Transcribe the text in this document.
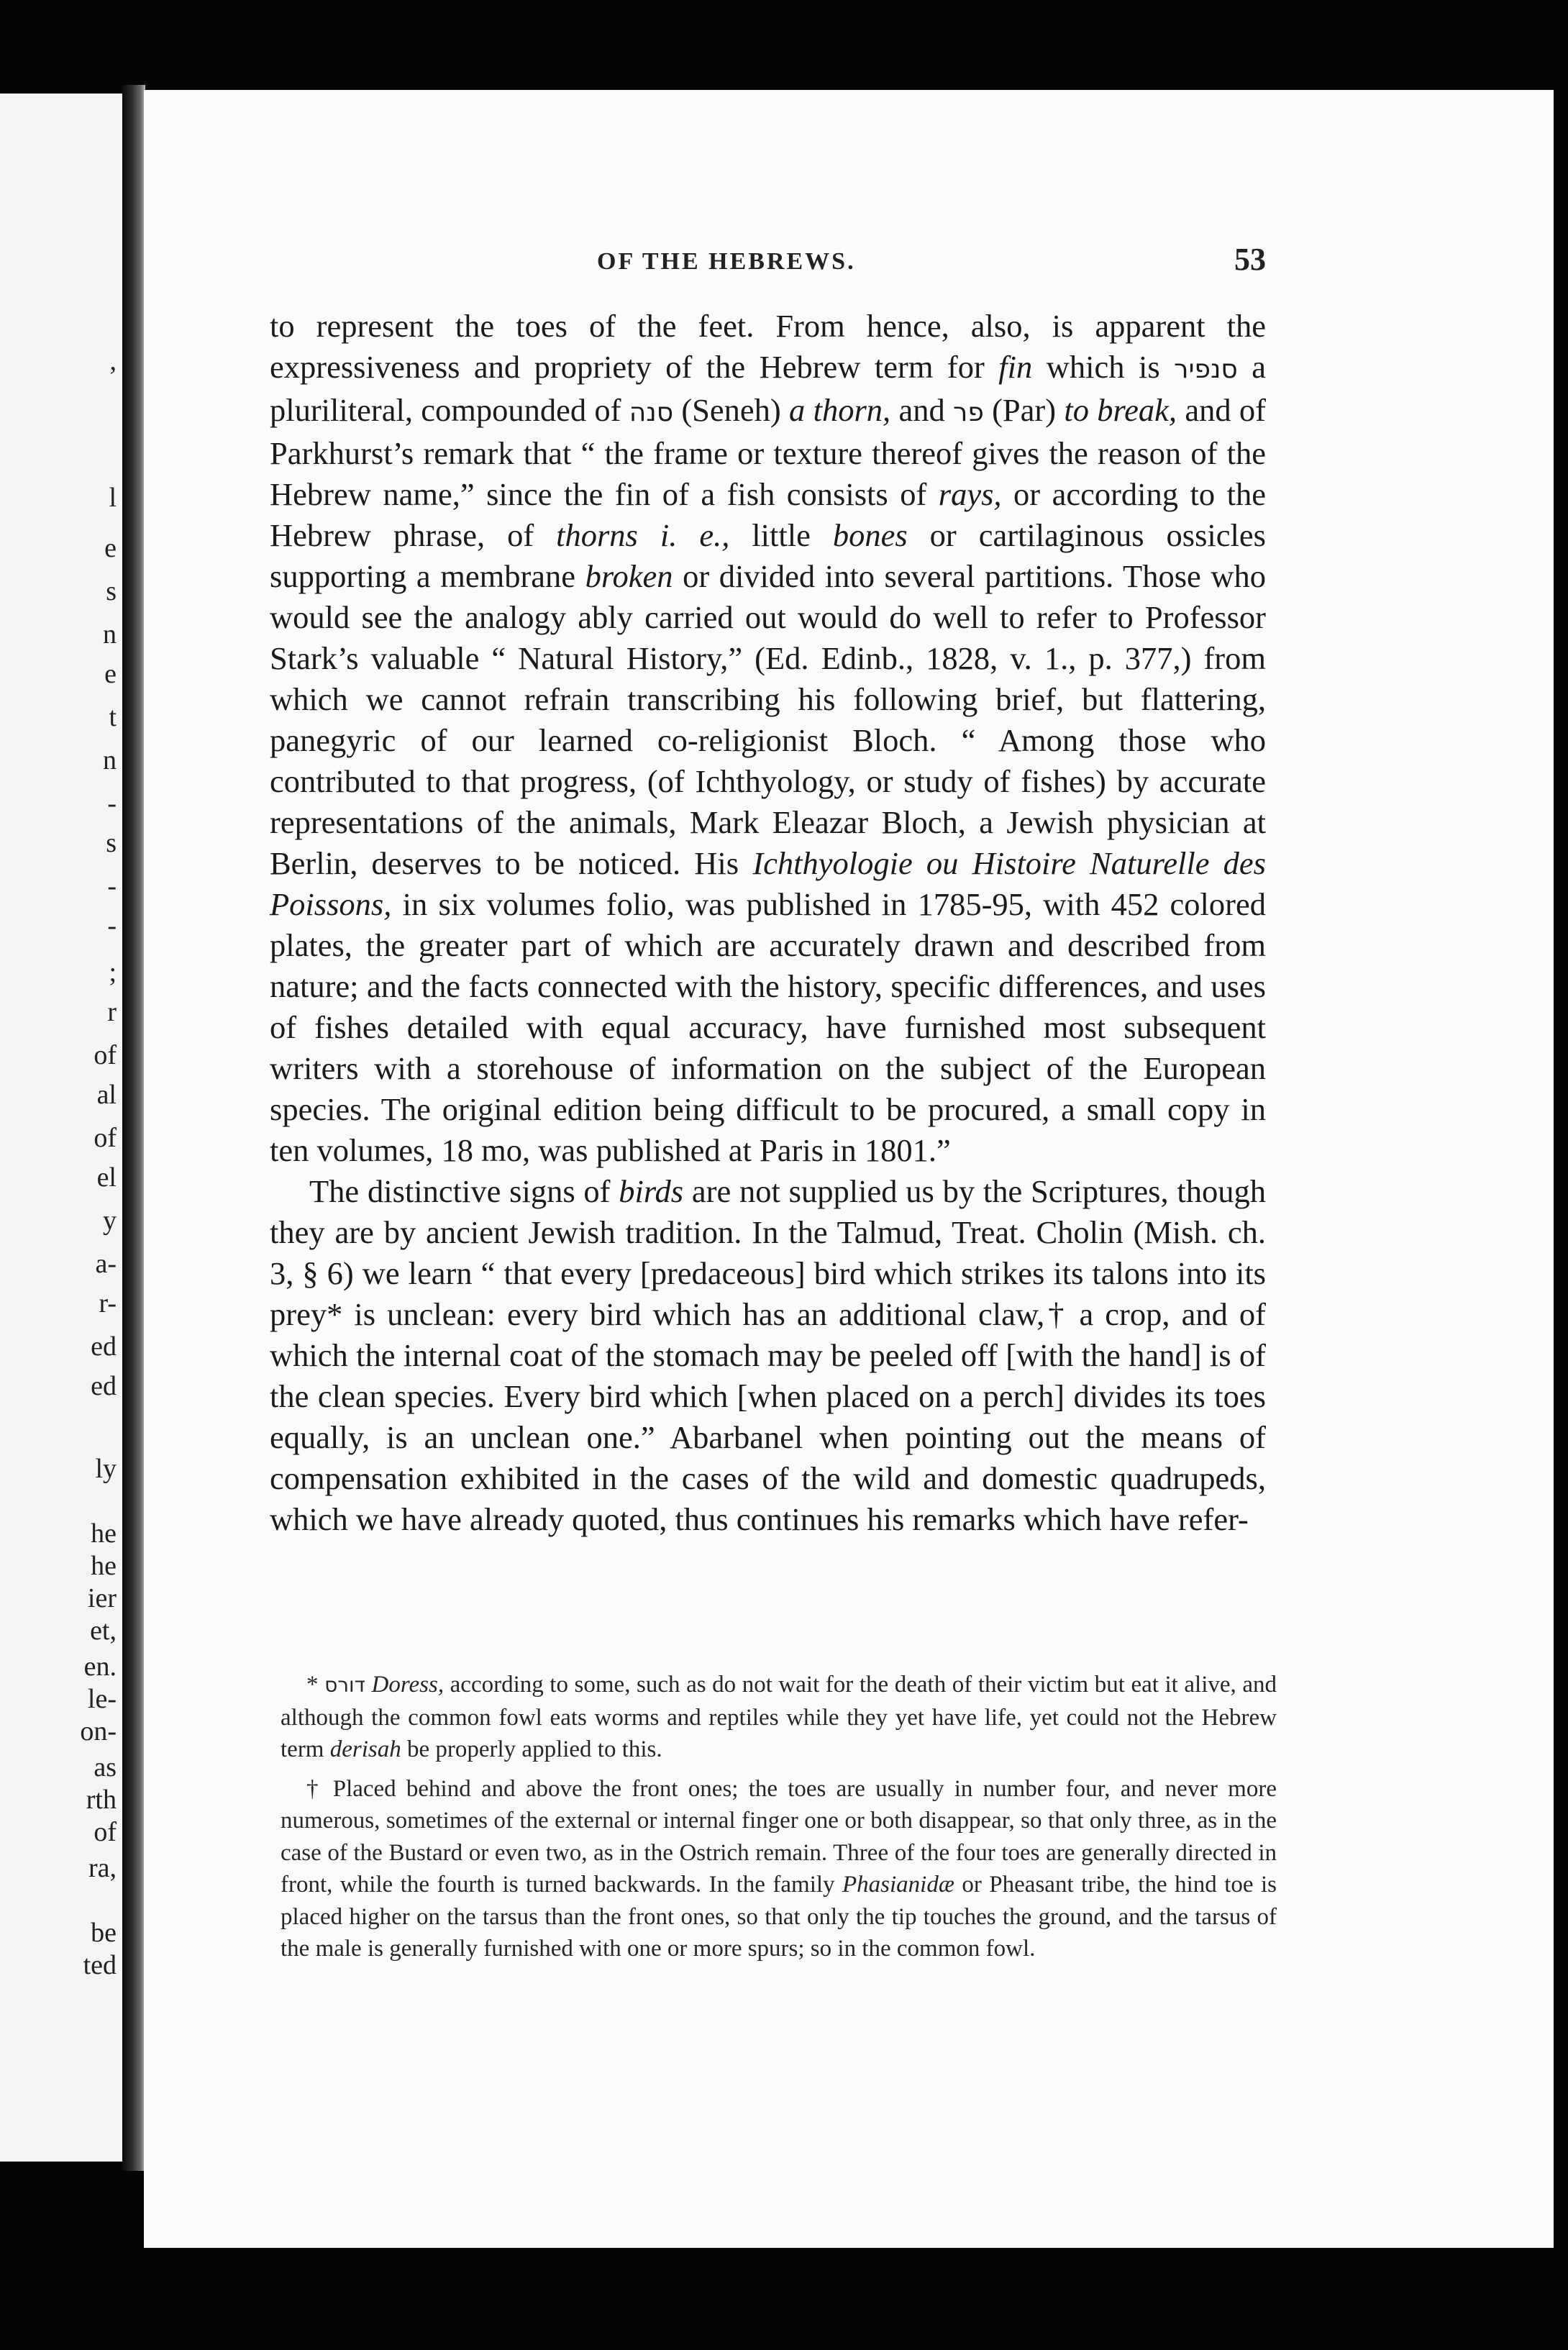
,
l
e
s
n
e
t
n
-
s
-
-
;
r
of
al
of
el
y
a-
r-
ed
ed
ly
he
he
ier
et,
en.
le-
on-
as
rth
of
ra,
be
ted
OF THE HEBREWS.	53

to represent the toes of the feet. From hence, also, is apparent the expressiveness and propriety of the Hebrew term for fin which is סנפיר a pluriliteral, compounded of סנה (Seneh) a thorn, and פר (Par) to break, and of Parkhurst’s remark that “ the frame or texture thereof gives the reason of the Hebrew name,” since the fin of a fish consists of rays, or according to the Hebrew phrase, of thorns i. e., little bones or cartilaginous ossicles supporting a membrane broken or divided into several partitions. Those who would see the analogy ably carried out would do well to refer to Professor Stark’s valuable “ Natural History,” (Ed. Edinb., 1828, v. 1., p. 377,) from which we cannot refrain transcribing his following brief, but flattering, panegyric of our learned co-religionist Bloch. “ Among those who contributed to that progress, (of Ichthyology, or study of fishes) by accurate representations of the animals, Mark Eleazar Bloch, a Jewish physician at Berlin, deserves to be noticed. His Ichthyologie ou Histoire Naturelle des Poissons, in six volumes folio, was published in 1785-95, with 452 colored plates, the greater part of which are accurately drawn and described from nature; and the facts connected with the history, specific differences, and uses of fishes detailed with equal accuracy, have furnished most subsequent writers with a storehouse of information on the subject of the European species. The original edition being difficult to be procured, a small copy in ten volumes, 18 mo, was published at Paris in 1801.”

The distinctive signs of birds are not supplied us by the Scriptures, though they are by ancient Jewish tradition. In the Talmud, Treat. Cholin (Mish. ch. 3, § 6) we learn “ that every [predaceous] bird which strikes its talons into its prey* is unclean: every bird which has an additional claw,† a crop, and of which the internal coat of the stomach may be peeled off [with the hand] is of the clean species. Every bird which [when placed on a perch] divides its toes equally, is an unclean one.” Abarbanel when pointing out the means of compensation exhibited in the cases of the wild and domestic quadrupeds, which we have already quoted, thus continues his remarks which have refer-

* דורס Doress, according to some, such as do not wait for the death of their victim but eat it alive, and although the common fowl eats worms and reptiles while they yet have life, yet could not the Hebrew term derisah be properly applied to this.

† Placed behind and above the front ones; the toes are usually in number four, and never more numerous, sometimes of the external or internal finger one or both disappear, so that only three, as in the case of the Bustard or even two, as in the Ostrich remain. Three of the four toes are generally directed in front, while the fourth is turned backwards. In the family Phasianidæ or Pheasant tribe, the hind toe is placed higher on the tarsus than the front ones, so that only the tip touches the ground, and the tarsus of the male is generally furnished with one or more spurs; so in the common fowl.
